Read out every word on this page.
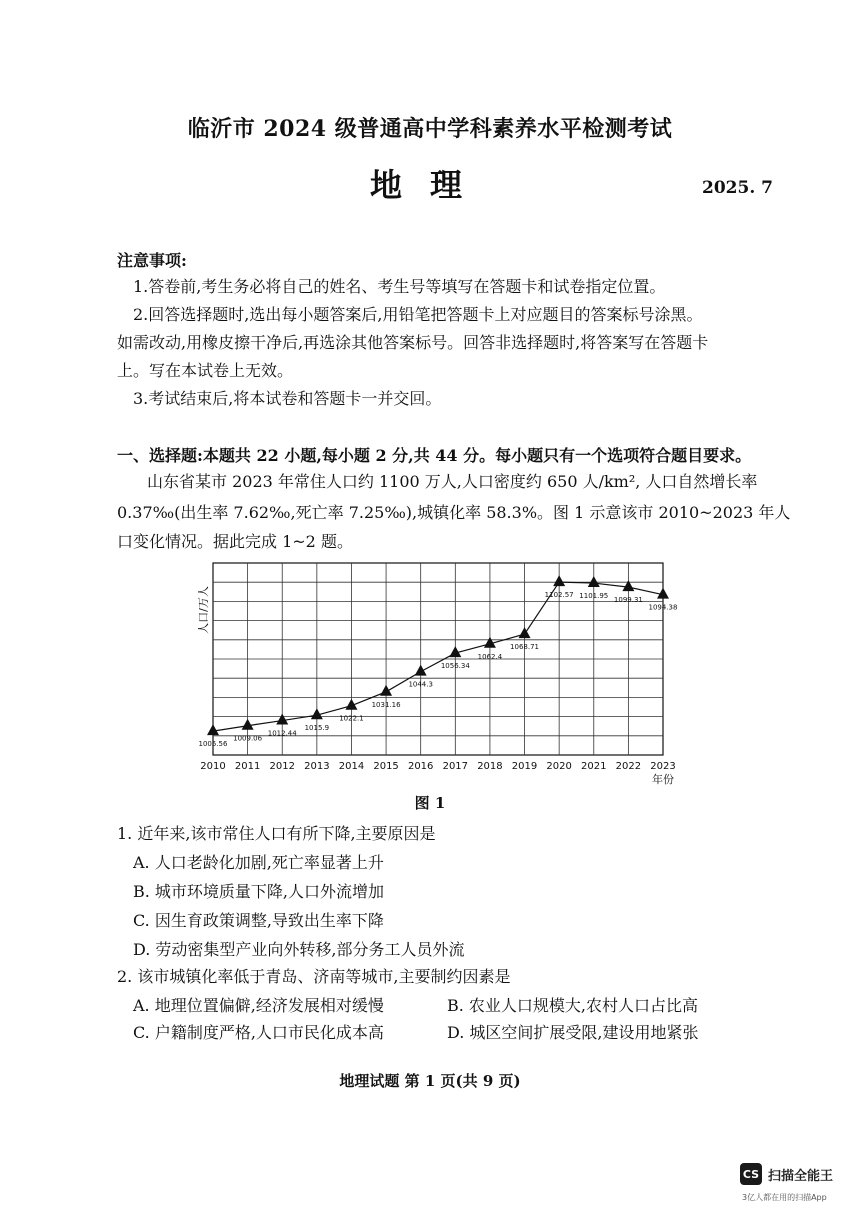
临沂市 2024 级普通高中学科素养水平检测考试
地理	2025. 7
注意事项:
1.答卷前,考生务必将自己的姓名、考生号等填写在答题卡和试卷指定位置。
2.回答选择题时,选出每小题答案后,用铅笔把答题卡上对应题目的答案标号涂黑。
如需改动,用橡皮擦干净后,再选涂其他答案标号。回答非选择题时,将答案写在答题卡
上。写在本试卷上无效。
3.考试结束后,将本试卷和答题卡一并交回。
一、选择题:本题共 22 小题,每小题 2 分,共 44 分。每小题只有一个选项符合题目要求。
山东省某市 2023 年常住人口约 1100 万人,人口密度约 650 人/km², 人口自然增长率
0.37‰(出生率 7.62‰,死亡率 7.25‰),城镇化率 58.3%。图 1 示意该市 2010~2023 年人
口变化情况。据此完成 1~2 题。
1005.56
1009.06
1012.44
1015.9
1022.1
1031.16
1044.3
1056.34
1062.4
1068.71
1102.57 1101.95
1099.31
1094.38
2010 2011 2012 2013 2014 2015 2016 2017 2018 2019 2020 2021 2022 2023
人口/万人
年份
图 1
1. 近年来,该市常住人口有所下降,主要原因是
A. 人口老龄化加剧,死亡率显著上升
B. 城市环境质量下降,人口外流增加
C. 因生育政策调整,导致出生率下降
D. 劳动密集型产业向外转移,部分务工人员外流
2. 该市城镇化率低于青岛、济南等城市,主要制约因素是
A. 地理位置偏僻,经济发展相对缓慢	B. 农业人口规模大,农村人口占比高
C. 户籍制度严格,人口市民化成本高	D. 城区空间扩展受限,建设用地紧张
地理试题 第 1 页(共 9 页)
CS 扫描全能王
3亿人都在用的扫描App
